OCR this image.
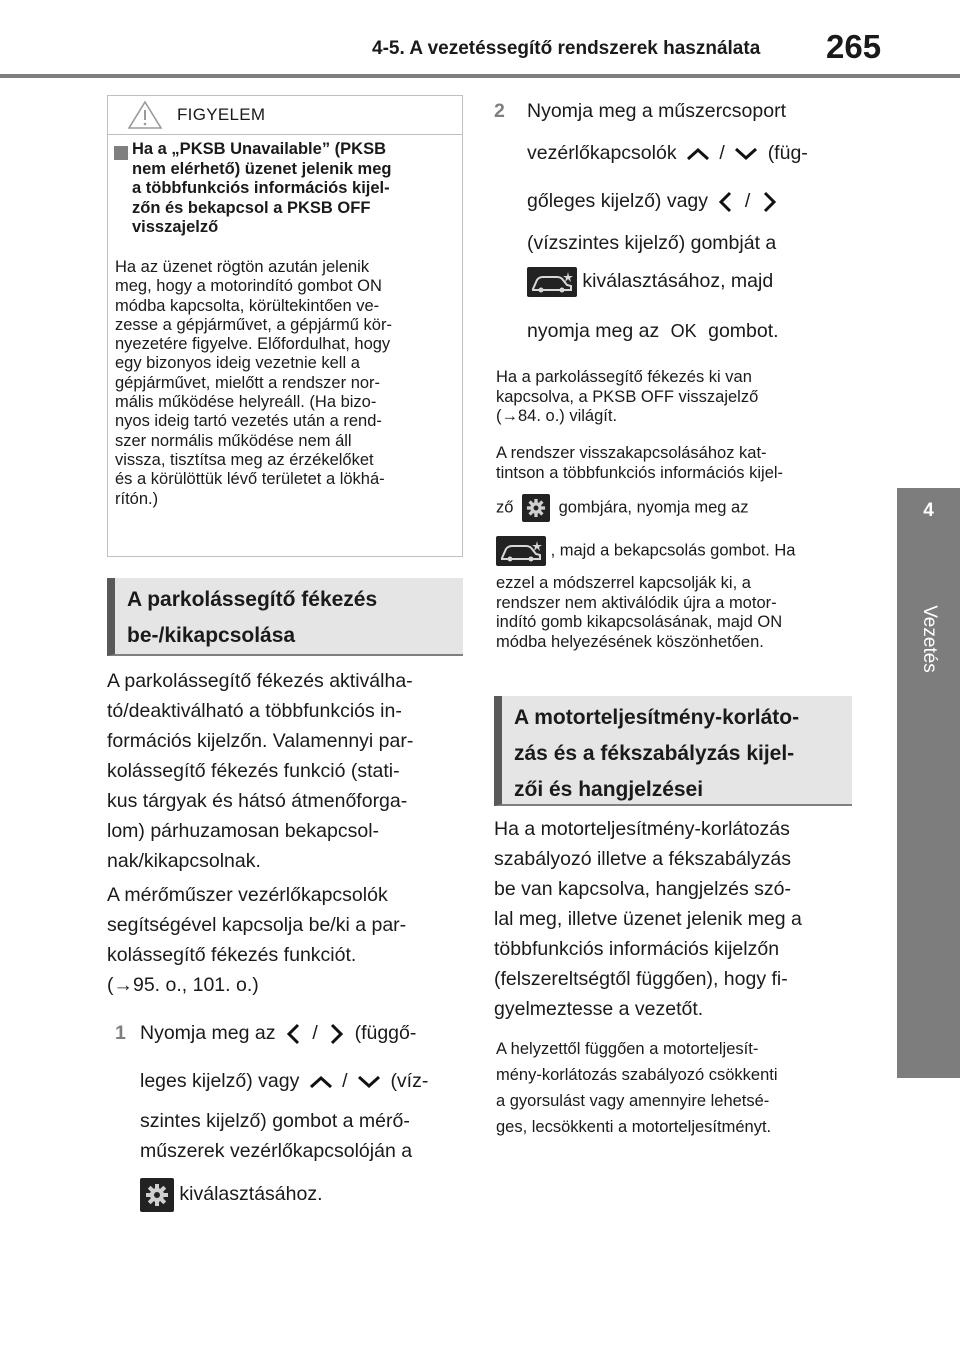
4-5. A vezetéssegítő rendszerek használata 265
4
Vezetés
FIGYELEM
Ha a „PKSB Unavailable” (PKSB
nem elérhető) üzenet jelenik meg
a többfunkciós információs kijel-
zőn és bekapcsol a PKSB OFF
visszajelző
Ha az üzenet rögtön azután jelenik
meg, hogy a motorindító gombot ON
módba kapcsolta, körültekintően ve-
zesse a gépjárművet, a gépjármű kör-
nyezetére figyelve. Előfordulhat, hogy
egy bizonyos ideig vezetnie kell a
gépjárművet, mielőtt a rendszer nor-
mális működése helyreáll. (Ha bizo-
nyos ideig tartó vezetés után a rend-
szer normális működése nem áll
vissza, tisztítsa meg az érzékelőket
és a körülöttük lévő területet a lökhá-
rítón.)
A parkolássegítő fékezés
be-/kikapcsolása
A parkolássegítő fékezés aktiválha-
tó/deaktiválható a többfunkciós in-
formációs kijelzőn. Valamennyi par-
kolássegítő fékezés funkció (stati-
kus tárgyak és hátsó átmenőforga-
lom) párhuzamosan bekapcsol-
nak/kikapcsolnak.
A mérőműszer vezérlőkapcsolók
segítségével kapcsolja be/ki a par-
kolássegítő fékezés funkciót.
(→95. o., 101. o.)
1 Nyomja meg az / (függő-
leges kijelző) vagy / (víz-
szintes kijelző) gombot a mérő-
műszerek vezérlőkapcsolóján a
kiválasztásához.
2 Nyomja meg a műszercsoport
vezérlőkapcsolók / (füg-
gőleges kijelző) vagy /
(vízszintes kijelző) gombját a
kiválasztásához, majd
nyomja meg az OK gombot.
Ha a parkolássegítő fékezés ki van
kapcsolva, a PKSB OFF visszajelző
(→84. o.) világít.
A rendszer visszakapcsolásához kat-
tintson a többfunkciós információs kijel-
ző	gombjára, nyomja meg az
, majd a bekapcsolás gombot. Ha
ezzel a módszerrel kapcsolják ki, a
rendszer nem aktiválódik újra a motor-
indító gomb kikapcsolásának, majd ON
módba helyezésének köszönhetően.
A motorteljesítmény-korláto-
zás és a fékszabályzás kijel-
zői és hangjelzései
Ha a motorteljesítmény-korlátozás
szabályozó illetve a fékszabályzás
be van kapcsolva, hangjelzés szó-
lal meg, illetve üzenet jelenik meg a
többfunkciós információs kijelzőn
(felszereltségtől függően), hogy fi-
gyelmeztesse a vezetőt.
A helyzettől függően a motorteljesít-
mény-korlátozás szabályozó csökkenti
a gyorsulást vagy amennyire lehetsé-
ges, lecsökkenti a motorteljesítményt.
